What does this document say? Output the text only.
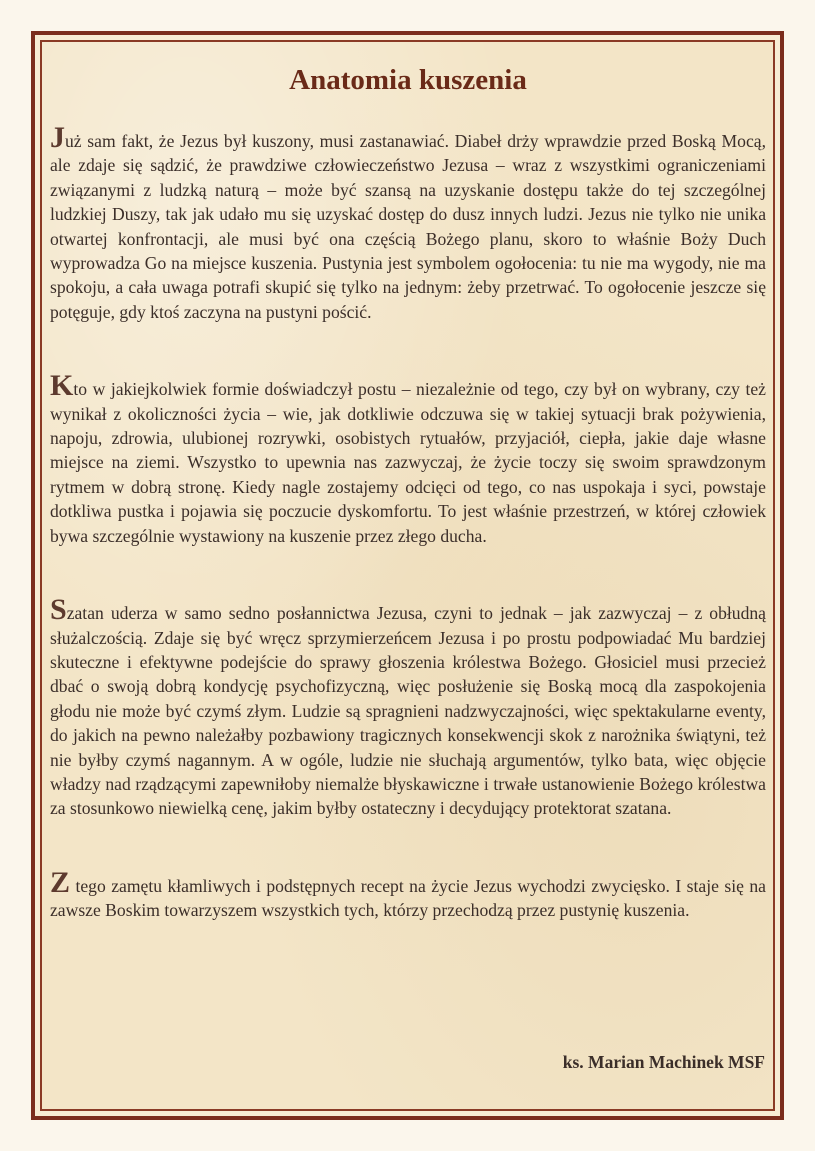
Anatomia kuszenia

Już sam fakt, że Jezus był kuszony, musi zastanawiać. Diabeł drży wprawdzie przed Boską Mocą, ale zdaje się sądzić, że prawdziwe człowieczeństwo Jezusa – wraz z wszystkimi ograniczeniami związanymi z ludzką naturą – może być szansą na uzyskanie dostępu także do tej szczególnej ludzkiej Duszy, tak jak udało mu się uzyskać dostęp do dusz innych ludzi. Jezus nie tylko nie unika otwartej konfrontacji, ale musi być ona częścią Bożego planu, skoro to właśnie Boży Duch wyprowadza Go na miejsce kuszenia. Pustynia jest symbolem ogołocenia: tu nie ma wygody, nie ma spokoju, a cała uwaga potrafi skupić się tylko na jednym: żeby przetrwać. To ogołocenie jeszcze się potęguje, gdy ktoś zaczyna na pustyni pościć.

Kto w jakiejkolwiek formie doświadczył postu – niezależnie od tego, czy był on wybrany, czy też wynikał z okoliczności życia – wie, jak dotkliwie odczuwa się w takiej sytuacji brak pożywienia, napoju, zdrowia, ulubionej rozrywki, osobistych rytuałów, przyjaciół, ciepła, jakie daje własne miejsce na ziemi. Wszystko to upewnia nas zazwyczaj, że życie toczy się swoim sprawdzonym rytmem w dobrą stronę. Kiedy nagle zostajemy odcięci od tego, co nas uspokaja i syci, powstaje dotkliwa pustka i pojawia się poczucie dyskomfortu. To jest właśnie przestrzeń, w której człowiek bywa szczególnie wystawiony na kuszenie przez złego ducha.

Szatan uderza w samo sedno posłannictwa Jezusa, czyni to jednak – jak zazwyczaj – z obłudną służalczością. Zdaje się być wręcz sprzymierzeńcem Jezusa i po prostu podpowiadać Mu bardziej skuteczne i efektywne podejście do sprawy głoszenia królestwa Bożego. Głosiciel musi przecież dbać o swoją dobrą kondycję psychofizyczną, więc posłużenie się Boską mocą dla zaspokojenia głodu nie może być czymś złym. Ludzie są spragnieni nadzwyczajności, więc spektakularne eventy, do jakich na pewno należałby pozbawiony tragicznych konsekwencji skok z narożnika świątyni, też nie byłby czymś nagannym. A w ogóle, ludzie nie słuchają argumentów, tylko bata, więc objęcie władzy nad rządzącymi zapewniłoby niemalże błyskawiczne i trwałe ustanowienie Bożego królestwa za stosunkowo niewielką cenę, jakim byłby ostateczny i decydujący protektorat szatana.

Z tego zamętu kłamliwych i podstępnych recept na życie Jezus wychodzi zwycięsko. I staje się na zawsze Boskim towarzyszem wszystkich tych, którzy przechodzą przez pustynię kuszenia.

ks. Marian Machinek MSF
